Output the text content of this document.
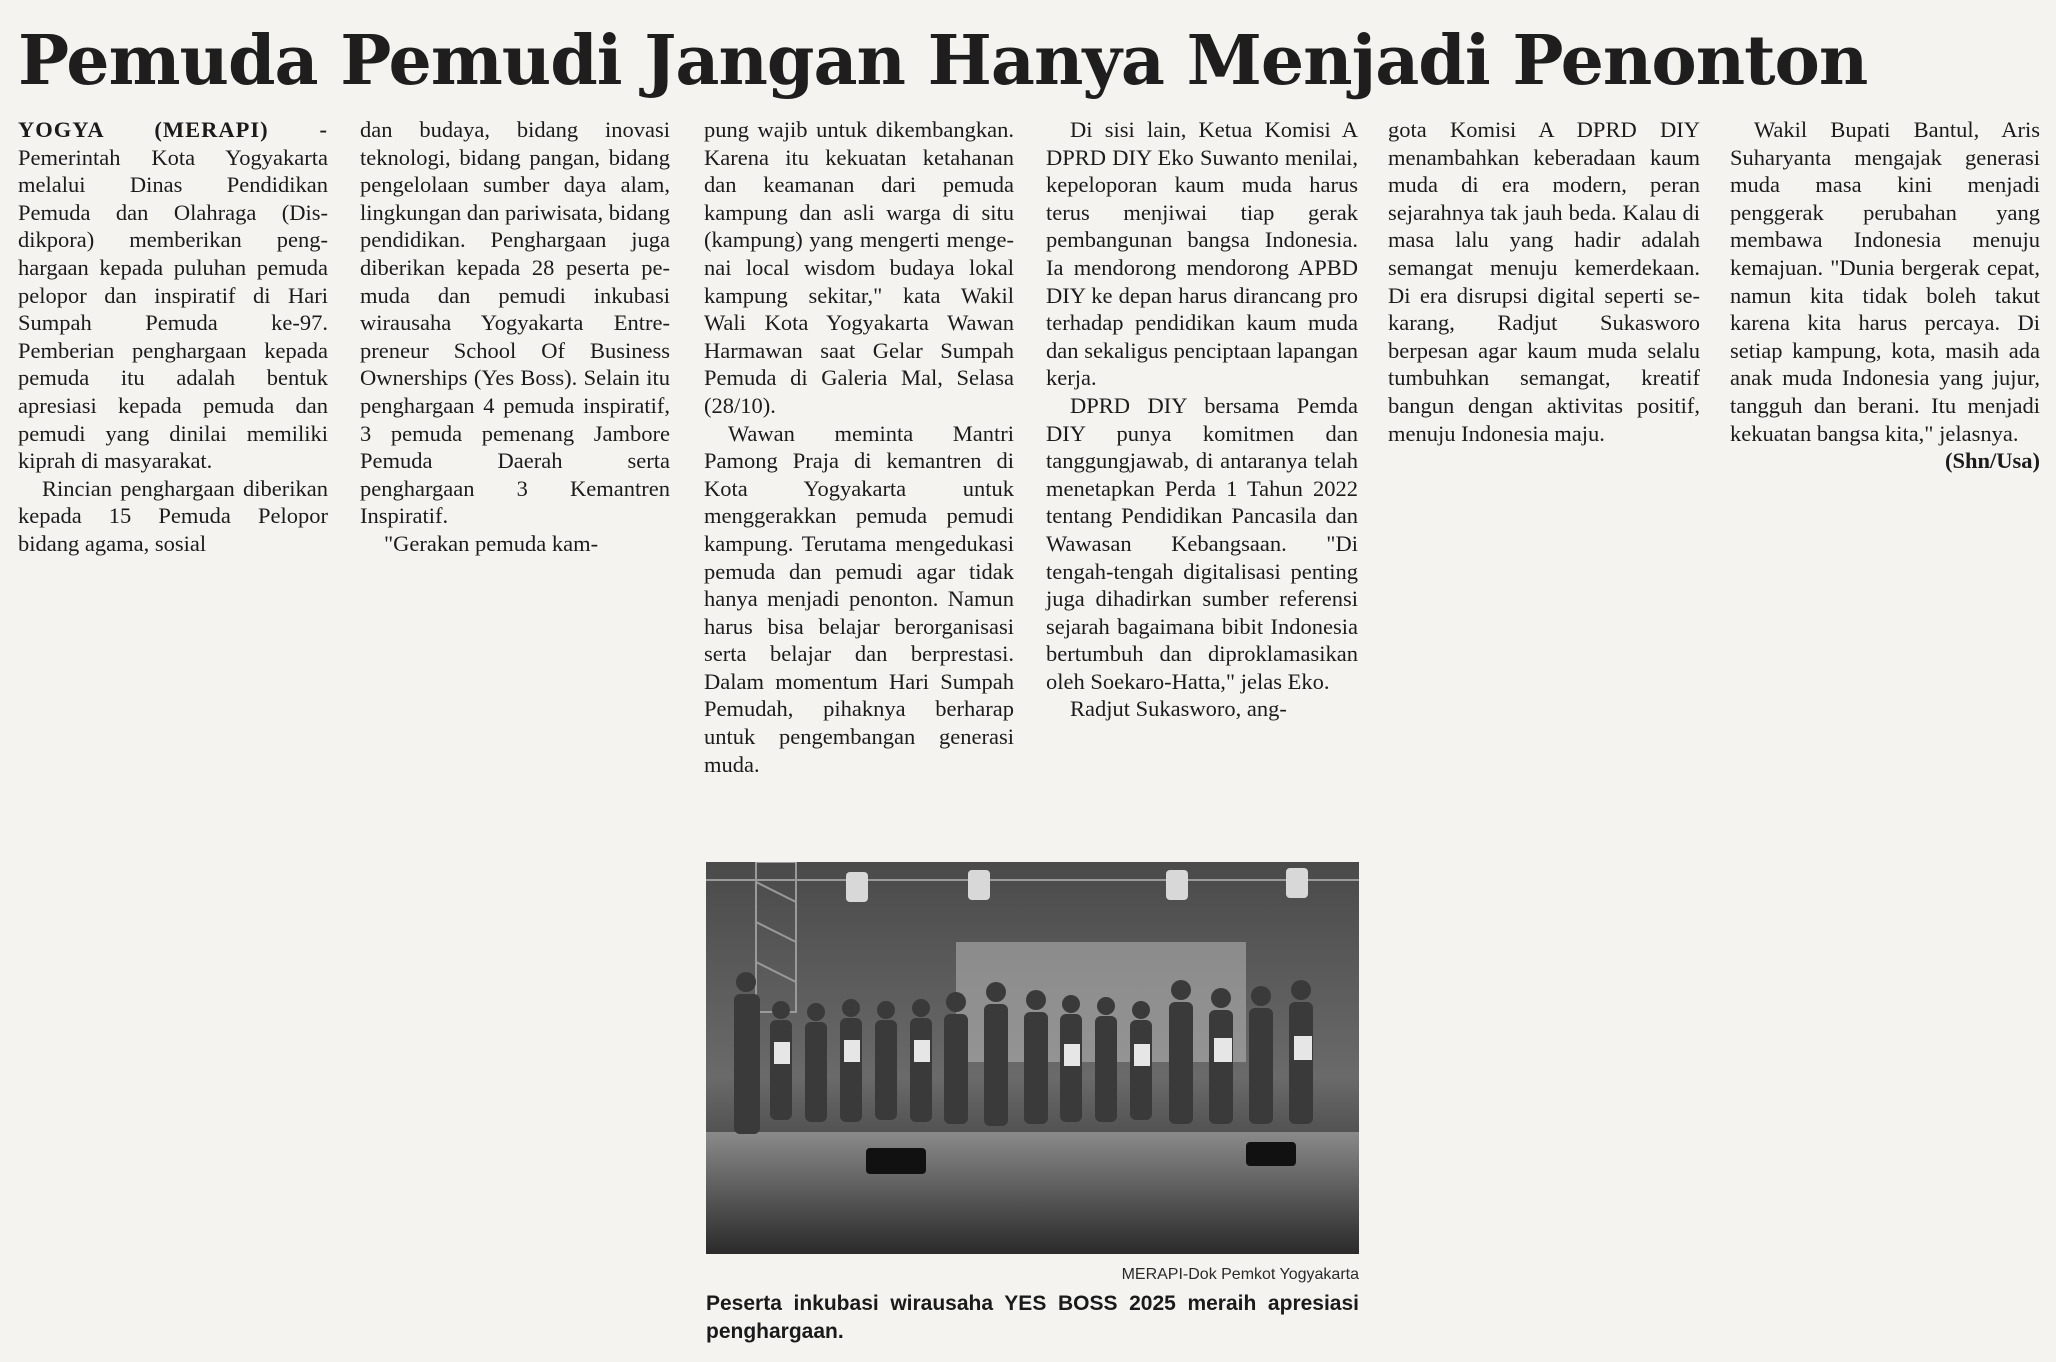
Pemuda Pemudi Jangan Hanya Menjadi Penonton

YOGYA (MERAPI) - Pemerintah Kota Yogyakarta melalui Dinas Pendidikan Pemuda dan Olahraga (Disdikpora) memberikan penghargaan kepada puluhan pemuda pelopor dan inspiratif di Hari Sumpah Pemuda ke-97. Pemberian penghargaan kepada pemuda itu adalah bentuk apresiasi kepada pemuda dan pemudi yang dinilai memiliki kiprah di masyarakat.

Rincian penghargaan diberikan kepada 15 Pemuda Pelopor bidang agama, sosial

dan budaya, bidang inovasi teknologi, bidang pangan, bidang pengelolaan sumber daya alam, lingkungan dan pariwisata, bidang pendidikan. Penghargaan juga diberikan kepada 28 peserta pemuda dan pemudi inkubasi wirausaha Yogyakarta Entrepreneur School Of Business Ownerships (Yes Boss). Selain itu penghargaan 4 pemuda inspiratif, 3 pemuda pemenang Jambore Pemuda Daerah serta penghargaan 3 Kemantren Inspiratif.

"Gerakan pemuda kam-

pung wajib untuk dikembangkan. Karena itu kekuatan ketahanan dan keamanan dari pemuda kampung dan asli warga di situ (kampung) yang mengerti mengenai local wisdom budaya lokal kampung sekitar," kata Wakil Wali Kota Yogyakarta Wawan Harmawan saat Gelar Sumpah Pemuda di Galeria Mal, Selasa (28/10).

Wawan meminta Mantri Pamong Praja di kemantren di Kota Yogyakarta untuk menggerakkan pemuda pemudi kampung. Terutama mengedukasi pemuda dan pemudi agar tidak hanya menjadi penonton. Namun harus bisa belajar berorganisasi serta belajar dan berprestasi. Dalam momentum Hari Sumpah Pemudah, pihaknya berharap untuk pengembangan generasi muda.

Di sisi lain, Ketua Komisi A DPRD DIY Eko Suwanto menilai, kepeloporan kaum muda harus terus menjiwai tiap gerak pembangunan bangsa Indonesia. Ia mendorong mendorong APBD DIY ke depan harus dirancang pro terhadap pendidikan kaum muda dan sekaligus penciptaan lapangan kerja.

DPRD DIY bersama Pemda DIY punya komitmen dan tanggungjawab, di antaranya telah menetapkan Perda 1 Tahun 2022 tentang Pendidikan Pancasila dan Wawasan Kebangsaan. "Di tengah-tengah digitalisasi penting juga dihadirkan sumber referensi sejarah bagaimana bibit Indonesia bertumbuh dan diproklamasikan oleh Soekaro-Hatta," jelas Eko.

Radjut Sukasworo, ang-

gota Komisi A DPRD DIY menambahkan keberadaan kaum muda di era modern, peran sejarahnya tak jauh beda. Kalau di masa lalu yang hadir adalah semangat menuju kemerdekaan. Di era disrupsi digital seperti sekarang, Radjut Sukasworo berpesan agar kaum muda selalu tumbuhkan semangat, kreatif bangun dengan aktivitas positif, menuju Indonesia maju.

Wakil Bupati Bantul, Aris Suharyanta mengajak generasi muda masa kini menjadi penggerak perubahan yang membawa Indonesia menuju kemajuan. "Dunia bergerak cepat, namun kita tidak boleh takut karena kita harus percaya. Di setiap kampung, kota, masih ada anak muda Indonesia yang jujur, tangguh dan berani. Itu menjadi kekuatan bangsa kita," jelasnya.

(Shn/Usa)
MERAPI-Dok Pemkot Yogyakarta
Peserta inkubasi wirausaha YES BOSS 2025 meraih apresiasi penghargaan.
